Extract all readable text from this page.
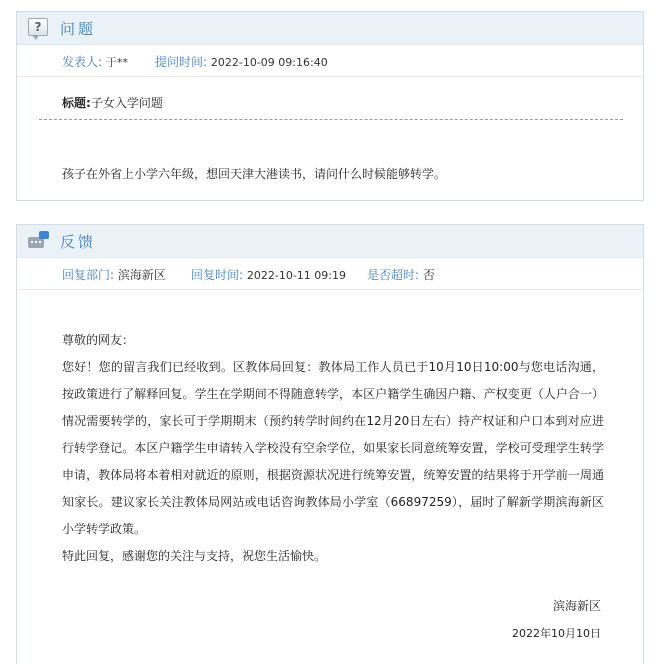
?	问题
发表人: 于** 提问时间: 2022-10-09 09:16:40
标题:子女入学问题
孩子在外省上小学六年级，想回天津大港读书，请问什么时候能够转学。
反馈
回复部门: 滨海新区 回复时间: 2022-10-11 09:19 是否超时: 否

尊敬的网友：

您好！您的留言我们已经收到。区教体局回复：教体局工作人员已于10月10日10:00与您电话沟通，按政策进行了解释回复。学生在学期间不得随意转学，本区户籍学生确因户籍、产权变更（人户合一）情况需要转学的，家长可于学期期末（预约转学时间约在12月20日左右）持产权证和户口本到对应进行转学登记。本区户籍学生申请转入学校没有空余学位，如果家长同意统筹安置，学校可受理学生转学申请，教体局将本着相对就近的原则，根据资源状况进行统筹安置，统筹安置的结果将于开学前一周通知家长。建议家长关注教体局网站或电话咨询教体局小学室（66897259），届时了解新学期滨海新区小学转学政策。

特此回复，感谢您的关注与支持，祝您生活愉快。

滨海新区
2022年10月10日
